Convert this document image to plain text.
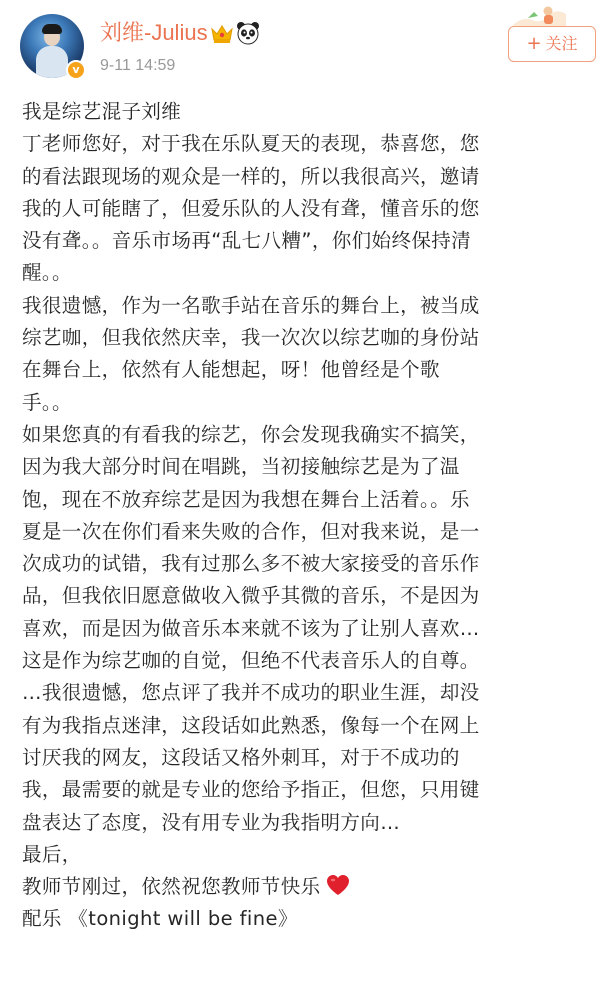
v
刘维-Julius
9-11 14:59
+ 关注
我是综艺混子刘维
丁老师您好，对于我在乐队夏天的表现，恭喜您，您
的看法跟现场的观众是一样的，所以我很高兴，邀请
我的人可能瞎了，但爱乐队的人没有聋，懂音乐的您
没有聋。。音乐市场再“乱七八糟”，你们始终保持清
醒。。
我很遗憾，作为一名歌手站在音乐的舞台上，被当成
综艺咖，但我依然庆幸，我一次次以综艺咖的身份站
在舞台上，依然有人能想起，呀！他曾经是个歌
手。。
如果您真的有看我的综艺，你会发现我确实不搞笑，
因为我大部分时间在唱跳，当初接触综艺是为了温
饱，现在不放弃综艺是因为我想在舞台上活着。。乐
夏是一次在你们看来失败的合作，但对我来说，是一
次成功的试错，我有过那么多不被大家接受的音乐作
品，但我依旧愿意做收入微乎其微的音乐，不是因为
喜欢，而是因为做音乐本来就不该为了让别人喜欢…
这是作为综艺咖的自觉，但绝不代表音乐人的自尊。
…我很遗憾，您点评了我并不成功的职业生涯，却没
有为我指点迷津，这段话如此熟悉，像每一个在网上
讨厌我的网友，这段话又格外刺耳，对于不成功的
我，最需要的就是专业的您给予指正，但您，只用键
盘表达了态度，没有用专业为我指明方向…
最后，
教师节刚过，依然祝您教师节快乐
配乐 《tonight will be fine》
